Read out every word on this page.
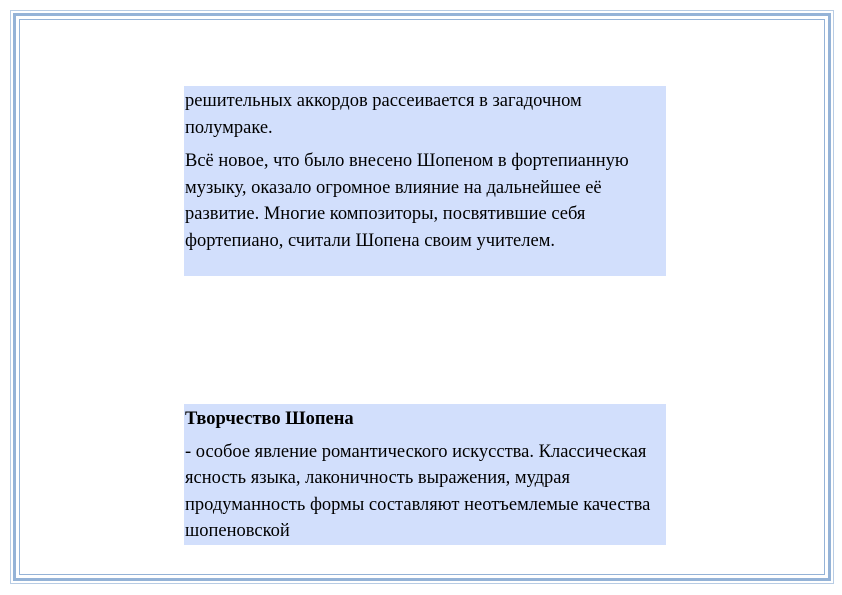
решительных аккордов рассеивается в загадочном полумраке.

Всё новое, что было внесено Шопеном в фортепианную музыку, оказало огромное влияние на дальнейшее её развитие. Многие композиторы, посвятившие себя фортепиано, считали Шопена своим учителем.

Творчество Шопена

- особое явление романтического искусства. Классическая ясность языка, лаконичность выражения, мудрая продуманность формы составляют неотъемлемые качества шопеновской
